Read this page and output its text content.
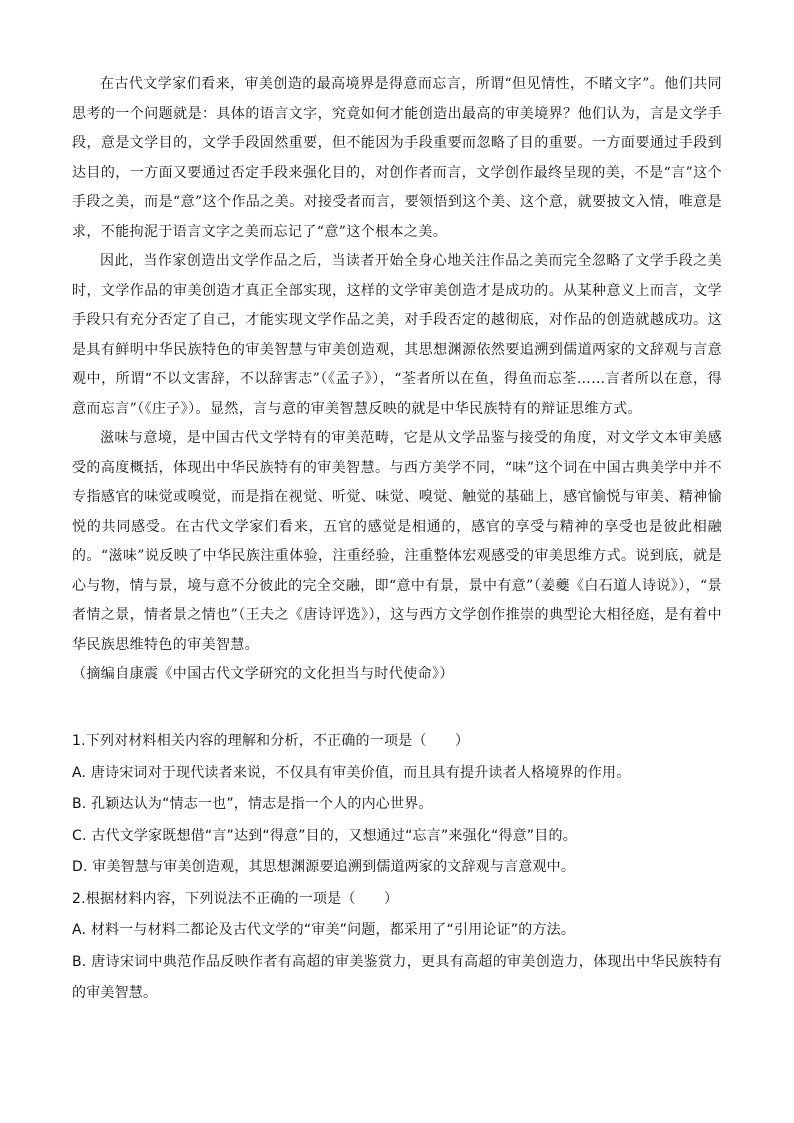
在古代文学家们看来，审美创造的最高境界是得意而忘言，所谓“但见情性，不睹文字”。他们共同思考的一个问题就是：具体的语言文字，究竟如何才能创造出最高的审美境界？他们认为，言是文学手段，意是文学目的，文学手段固然重要，但不能因为手段重要而忽略了目的重要。一方面要通过手段到达目的，一方面又要通过否定手段来强化目的，对创作者而言，文学创作最终呈现的美，不是“言”这个手段之美，而是“意”这个作品之美。对接受者而言，要领悟到这个美、这个意，就要披文入情，唯意是求，不能拘泥于语言文字之美而忘记了“意”这个根本之美。

因此，当作家创造出文学作品之后，当读者开始全身心地关注作品之美而完全忽略了文学手段之美时，文学作品的审美创造才真正全部实现，这样的文学审美创造才是成功的。从某种意义上而言，文学手段只有充分否定了自己，才能实现文学作品之美，对手段否定的越彻底，对作品的创造就越成功。这是具有鲜明中华民族特色的审美智慧与审美创造观，其思想渊源依然要追溯到儒道两家的文辞观与言意观中，所谓“不以文害辞，不以辞害志”（《孟子》），“荃者所以在鱼，得鱼而忘荃……言者所以在意，得意而忘言”（《庄子》）。显然，言与意的审美智慧反映的就是中华民族特有的辩证思维方式。

滋味与意境，是中国古代文学特有的审美范畴，它是从文学品鉴与接受的角度，对文学文本审美感受的高度概括，体现出中华民族特有的审美智慧。与西方美学不同，“味”这个词在中国古典美学中并不专指感官的味觉或嗅觉，而是指在视觉、听觉、味觉、嗅觉、触觉的基础上，感官愉悦与审美、精神愉悦的共同感受。在古代文学家们看来，五官的感觉是相通的，感官的享受与精神的享受也是彼此相融的。“滋味”说反映了中华民族注重体验，注重经验，注重整体宏观感受的审美思维方式。说到底，就是心与物，情与景，境与意不分彼此的完全交融，即“意中有景，景中有意”（姜夔《白石道人诗说》），“景者情之景，情者景之情也”（王夫之《唐诗评选》），这与西方文学创作推崇的典型论大相径庭，是有着中华民族思维特色的审美智慧。

（摘编自康震《中国古代文学研究的文化担当与时代使命》）

1.下列对材料相关内容的理解和分析，不正确的一项是（　　）

A. 唐诗宋词对于现代读者来说，不仅具有审美价值，而且具有提升读者人格境界的作用。

B. 孔颖达认为“情志一也”，情志是指一个人的内心世界。

C. 古代文学家既想借“言”达到“得意”目的，又想通过“忘言”来强化“得意”目的。

D. 审美智慧与审美创造观，其思想渊源要追溯到儒道两家的文辞观与言意观中。

2.根据材料内容，下列说法不正确的一项是（　　）

A. 材料一与材料二都论及古代文学的“审美”问题，都采用了“引用论证”的方法。

B. 唐诗宋词中典范作品反映作者有高超的审美鉴赏力，更具有高超的审美创造力，体现出中华民族特有的审美智慧。
